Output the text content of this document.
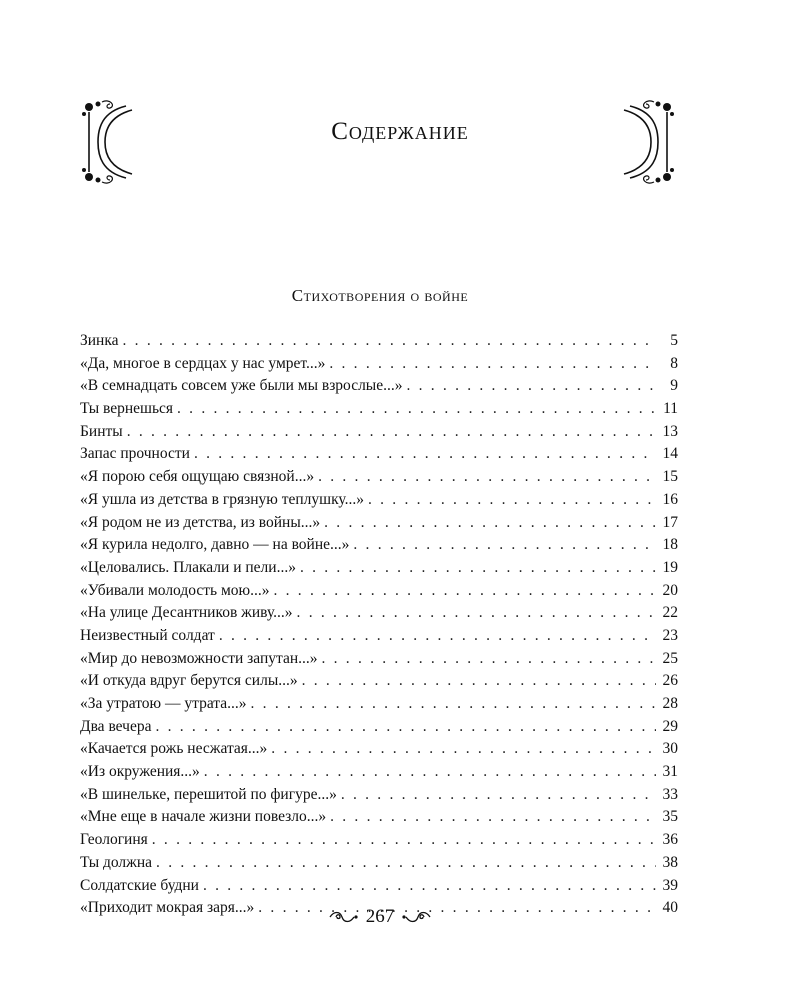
Содержание
Стихотворения о войне
Зинка . . .	5
«Да, многое в сердцах у нас умрет...» . . .	8
«В семнадцать совсем уже были мы взрослые...» . . .	9
Ты вернешься . . .	11
Бинты . . .	13
Запас прочности . . .	14
«Я порою себя ощущаю связной...» . . .	15
«Я ушла из детства в грязную теплушку...» . . .	16
«Я родом не из детства, из войны...» . . .	17
«Я курила недолго, давно — на войне...» . . .	18
«Целовались. Плакали и пели...» . . .	19
«Убивали молодость мою...» . . .	20
«На улице Десантников живу...» . . .	22
Неизвестный солдат . . .	23
«Мир до невозможности запутан...» . . .	25
«И откуда вдруг берутся силы...» . . .	26
«За утратою — утрата...» . . .	28
Два вечера . . .	29
«Качается рожь несжатая...» . . .	30
«Из окружения...» . . .	31
«В шинельке, перешитой по фигуре...» . . .	33
«Мне еще в начале жизни повезло...» . . .	35
Геологиня . . .	36
Ты должна . . .	38
Солдатские будни . . .	39
«Приходит мокрая заря...» . . .	40
267
